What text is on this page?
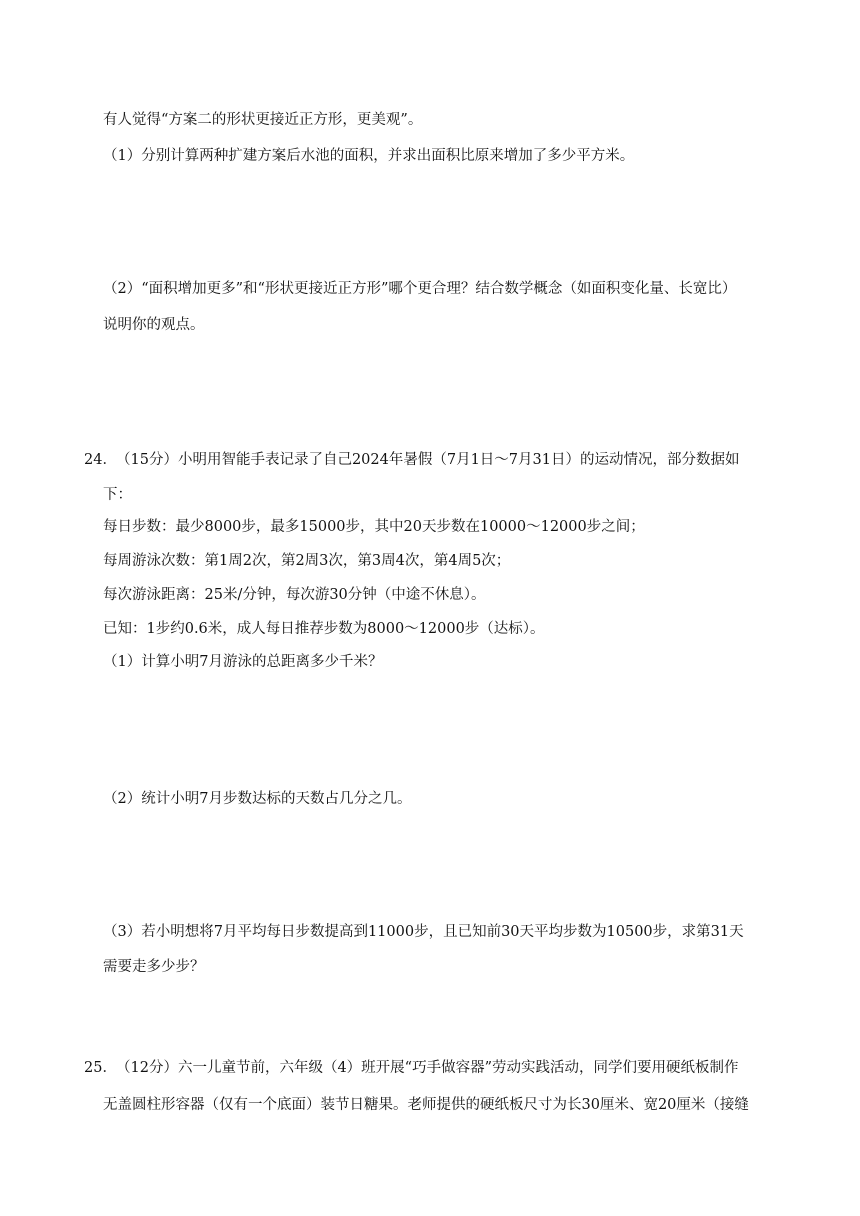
有人觉得“方案二的形状更接近正方形，更美观”。
（1）分别计算两种扩建方案后水池的面积，并求出面积比原来增加了多少平方米。
（2）“面积增加更多”和“形状更接近正方形”哪个更合理？结合数学概念（如面积变化量、长宽比）
说明你的观点。
24． （15分）小明用智能手表记录了自己2024年暑假（7月1日～7月31日）的运动情况，部分数据如
下：
每日步数：最少8000步，最多15000步，其中20天步数在10000～12000步之间；
每周游泳次数：第1周2次，第2周3次，第3周4次，第4周5次；
每次游泳距离：25米/分钟，每次游30分钟（中途不休息）。
已知：1步约0.6米，成人每日推荐步数为8000～12000步（达标）。
（1）计算小明7月游泳的总距离多少千米？
（2）统计小明7月步数达标的天数占几分之几。
（3）若小明想将7月平均每日步数提高到11000步，且已知前30天平均步数为10500步，求第31天
需要走多少步？
25． （12分）六一儿童节前，六年级（4）班开展“巧手做容器”劳动实践活动，同学们要用硬纸板制作
无盖圆柱形容器（仅有一个底面）装节日糖果。老师提供的硬纸板尺寸为长30厘米、宽20厘米（接缝
